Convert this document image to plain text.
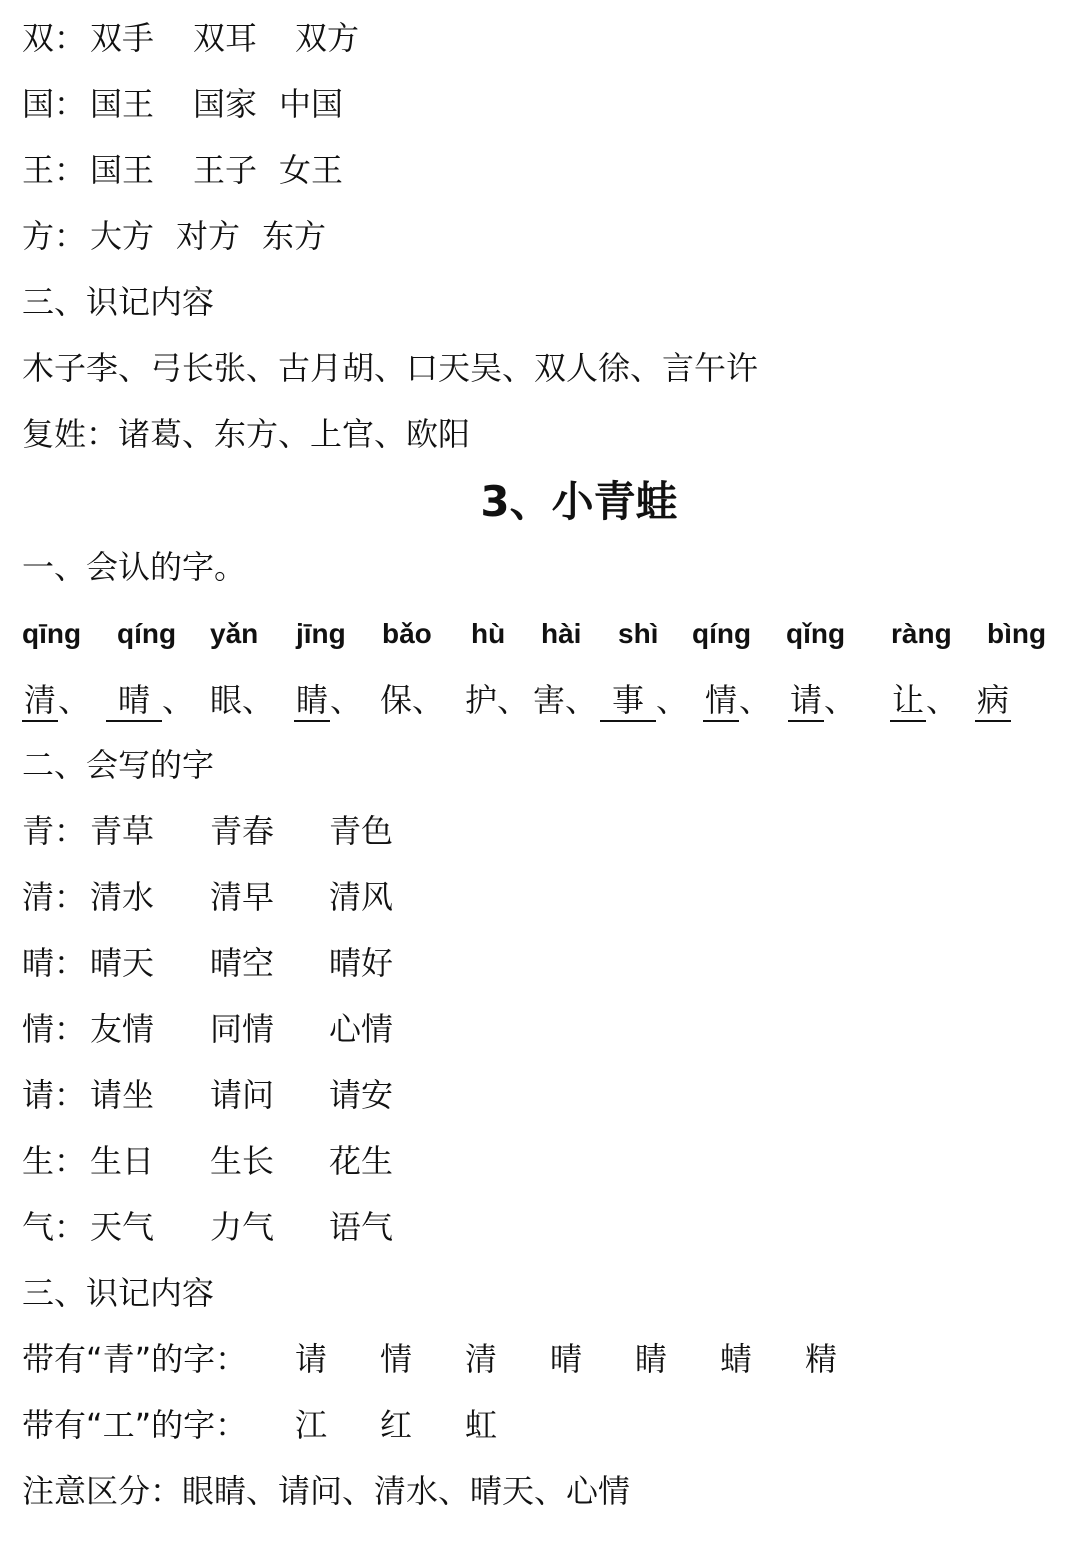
双： 双手 双耳 双方
国： 国王 国家 中国
王： 国王 王子 女王
方： 大方 对方 东方
三、识记内容
木子李、弓长张、古月胡、口天吴、双人徐、言午许
复姓：诸葛、东方、上官、欧阳
3、小青蛙
一、会认的字。
qīng qíng yǎn jīng bǎo hù hài shì qíng qǐng ràng bìng
清、 晴 、 眼、 睛、 保、 护、 害、 事 、 情、 请、 让、 病
二、会写的字
青： 青草 青春 青色
清： 清水 清早 清风
晴： 晴天 晴空 晴好
情： 友情 同情 心情
请： 请坐 请问 请安
生： 生日 生长 花生
气： 天气 力气 语气
三、识记内容
带有“青”的字： 请 情 清 晴 睛 蜻 精
带有“工”的字： 江 红 虹
注意区分：眼睛、请问、清水、晴天、心情
